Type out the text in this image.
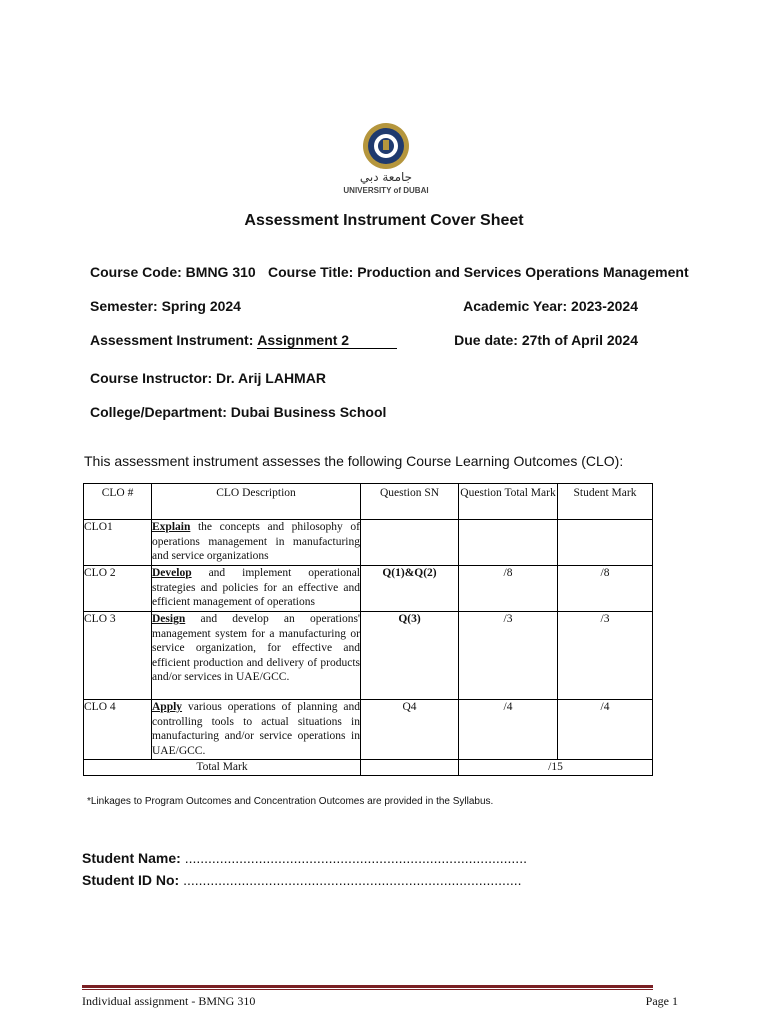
جامعة دبي
UNIVERSITY of DUBAI
Assessment Instrument Cover Sheet
Course Code: BMNG 310 Course Title: Production and Services Operations Management
Semester: Spring 2024	Academic Year: 2023-2024
Assessment Instrument: Assignment 2	Due date: 27th of April 2024
Course Instructor: Dr. Arij LAHMAR
College/Department: Dubai Business School
This assessment instrument assesses the following Course Learning Outcomes (CLO):
CLO #	CLO Description	Question SN	Question Total Mark	Student Mark
CLO1	Explain the concepts and philosophy of operations management in manufacturing and service organizations			
CLO 2	Develop and implement operational strategies and policies for an effective and efficient management of operations	Q(1)&Q(2)	/8	/8
CLO 3	Design and develop an operations' management system for a manufacturing or service organization, for effective and efficient production and delivery of products and/or services in UAE/GCC.	Q(3)	/3	/3
CLO 4	Apply various operations of planning and controlling tools to actual situations in manufacturing and/or service operations in UAE/GCC.	Q4	/4	/4
Total Mark			/15	
*Linkages to Program Outcomes and Concentration Outcomes are provided in the Syllabus.
Student Name: ........................................................................................
Student ID No: .......................................................................................
Individual assignment - BMNG 310	Page 1
